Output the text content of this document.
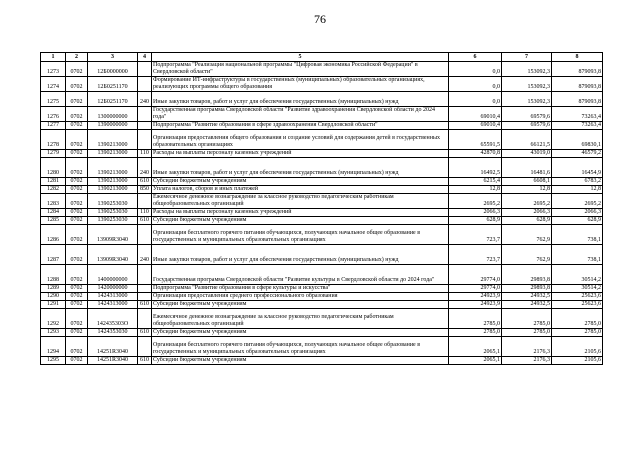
76
1	2	3	4	5	6	7	8
1273	0702	12Б0000000		Подпрограмма "Реализация национальной программы "Цифровая экономика Российской Федерации" в Свердловской области"	0,0	153092,3	879093,8
1274	0702	12Б0251170		Формирование ИТ-инфраструктуры в государственных (муниципальных) образовательных организациях, реализующих программы общего образования	0,0	153092,3	879093,8
1275	0702	12Б0251170	240	Иные закупки товаров, работ и услуг для обеспечения государственных (муниципальных) нужд	0,0	153092,3	879093,8
1276	0702	1300000000		Государственная программа Свердловской области "Развитие здравоохранения Свердловской области до 2024 года"	69010,4	69579,6	73263,4
1277	0702	1390000000		Подпрограмма "Развитие образования в сфере здравоохранения Свердловской области"	69010,4	69579,6	73263,4
1278	0702	1390213000		Организация предоставления общего образования и создание условий для содержания детей в государственных образовательных организациях	65591,5	66121,5	69830,1
1279	0702	1390213000	110	Расходы на выплаты персоналу казенных учреждений	42870,8	43019,0	46579,2
1280	0702	1390213000	240	Иные закупки товаров, работ и услуг для обеспечения государственных (муниципальных) нужд	16492,5	16481,6	16454,9
1281	0702	1390213000	610	Субсидии бюджетным учреждениям	6215,4	6608,1	6783,2
1282	0702	1390213000	850	Уплата налогов, сборов и иных платежей	12,8	12,8	12,8
1283	0702	1390253030		Ежемесячное денежное вознаграждение за классное руководство педагогическим работникам общеобразовательных организаций	2695,2	2695,2	2695,2
1284	0702	1390253030	110	Расходы на выплаты персоналу казенных учреждений	2066,3	2066,3	2066,3
1285	0702	1390253030	610	Субсидии бюджетным учреждениям	628,9	628,9	628,9
1286	0702	13909R3040		Организация бесплатного горячего питания обучающихся, получающих начальное общее образование в государственных и муниципальных образовательных организациях	723,7	762,9	738,1
1287	0702	13909R3040	240	Иные закупки товаров, работ и услуг для обеспечения государственных (муниципальных) нужд	723,7	762,9	738,1
1288	0702	1400000000		Государственная программа Свердловской области "Развитие культуры в Свердловской области до 2024 года"	29774,0	29893,8	30514,2
1289	0702	1420000000		Подпрограмма "Развитие образования в сфере культуры и искусства"	29774,0	29893,8	30514,2
1290	0702	1424313000		Организация предоставления среднего профессионального образования	24923,9	24932,5	25623,6
1291	0702	1424313000	610	Субсидии бюджетным учреждениям	24923,9	24932,5	25623,6
1292	0702	142435303О		Ежемесячное денежное вознаграждение за классное руководство педагогическим работникам общеобразовательных организаций	2785,0	2785,0	2785,0
1293	0702	1424353030	610	Субсидии бюджетным учреждениям	2785,0	2785,0	2785,0
1294	0702	14251R3040		Организация бесплатного горячего питания обучающихся, получающих начальное общее образование в государственных и муниципальных образовательных организациях	2065,1	2176,3	2105,6
1295	0702	14251R3040	610	Субсидии бюджетным учреждениям	2065,1	2176,3	2105,6
